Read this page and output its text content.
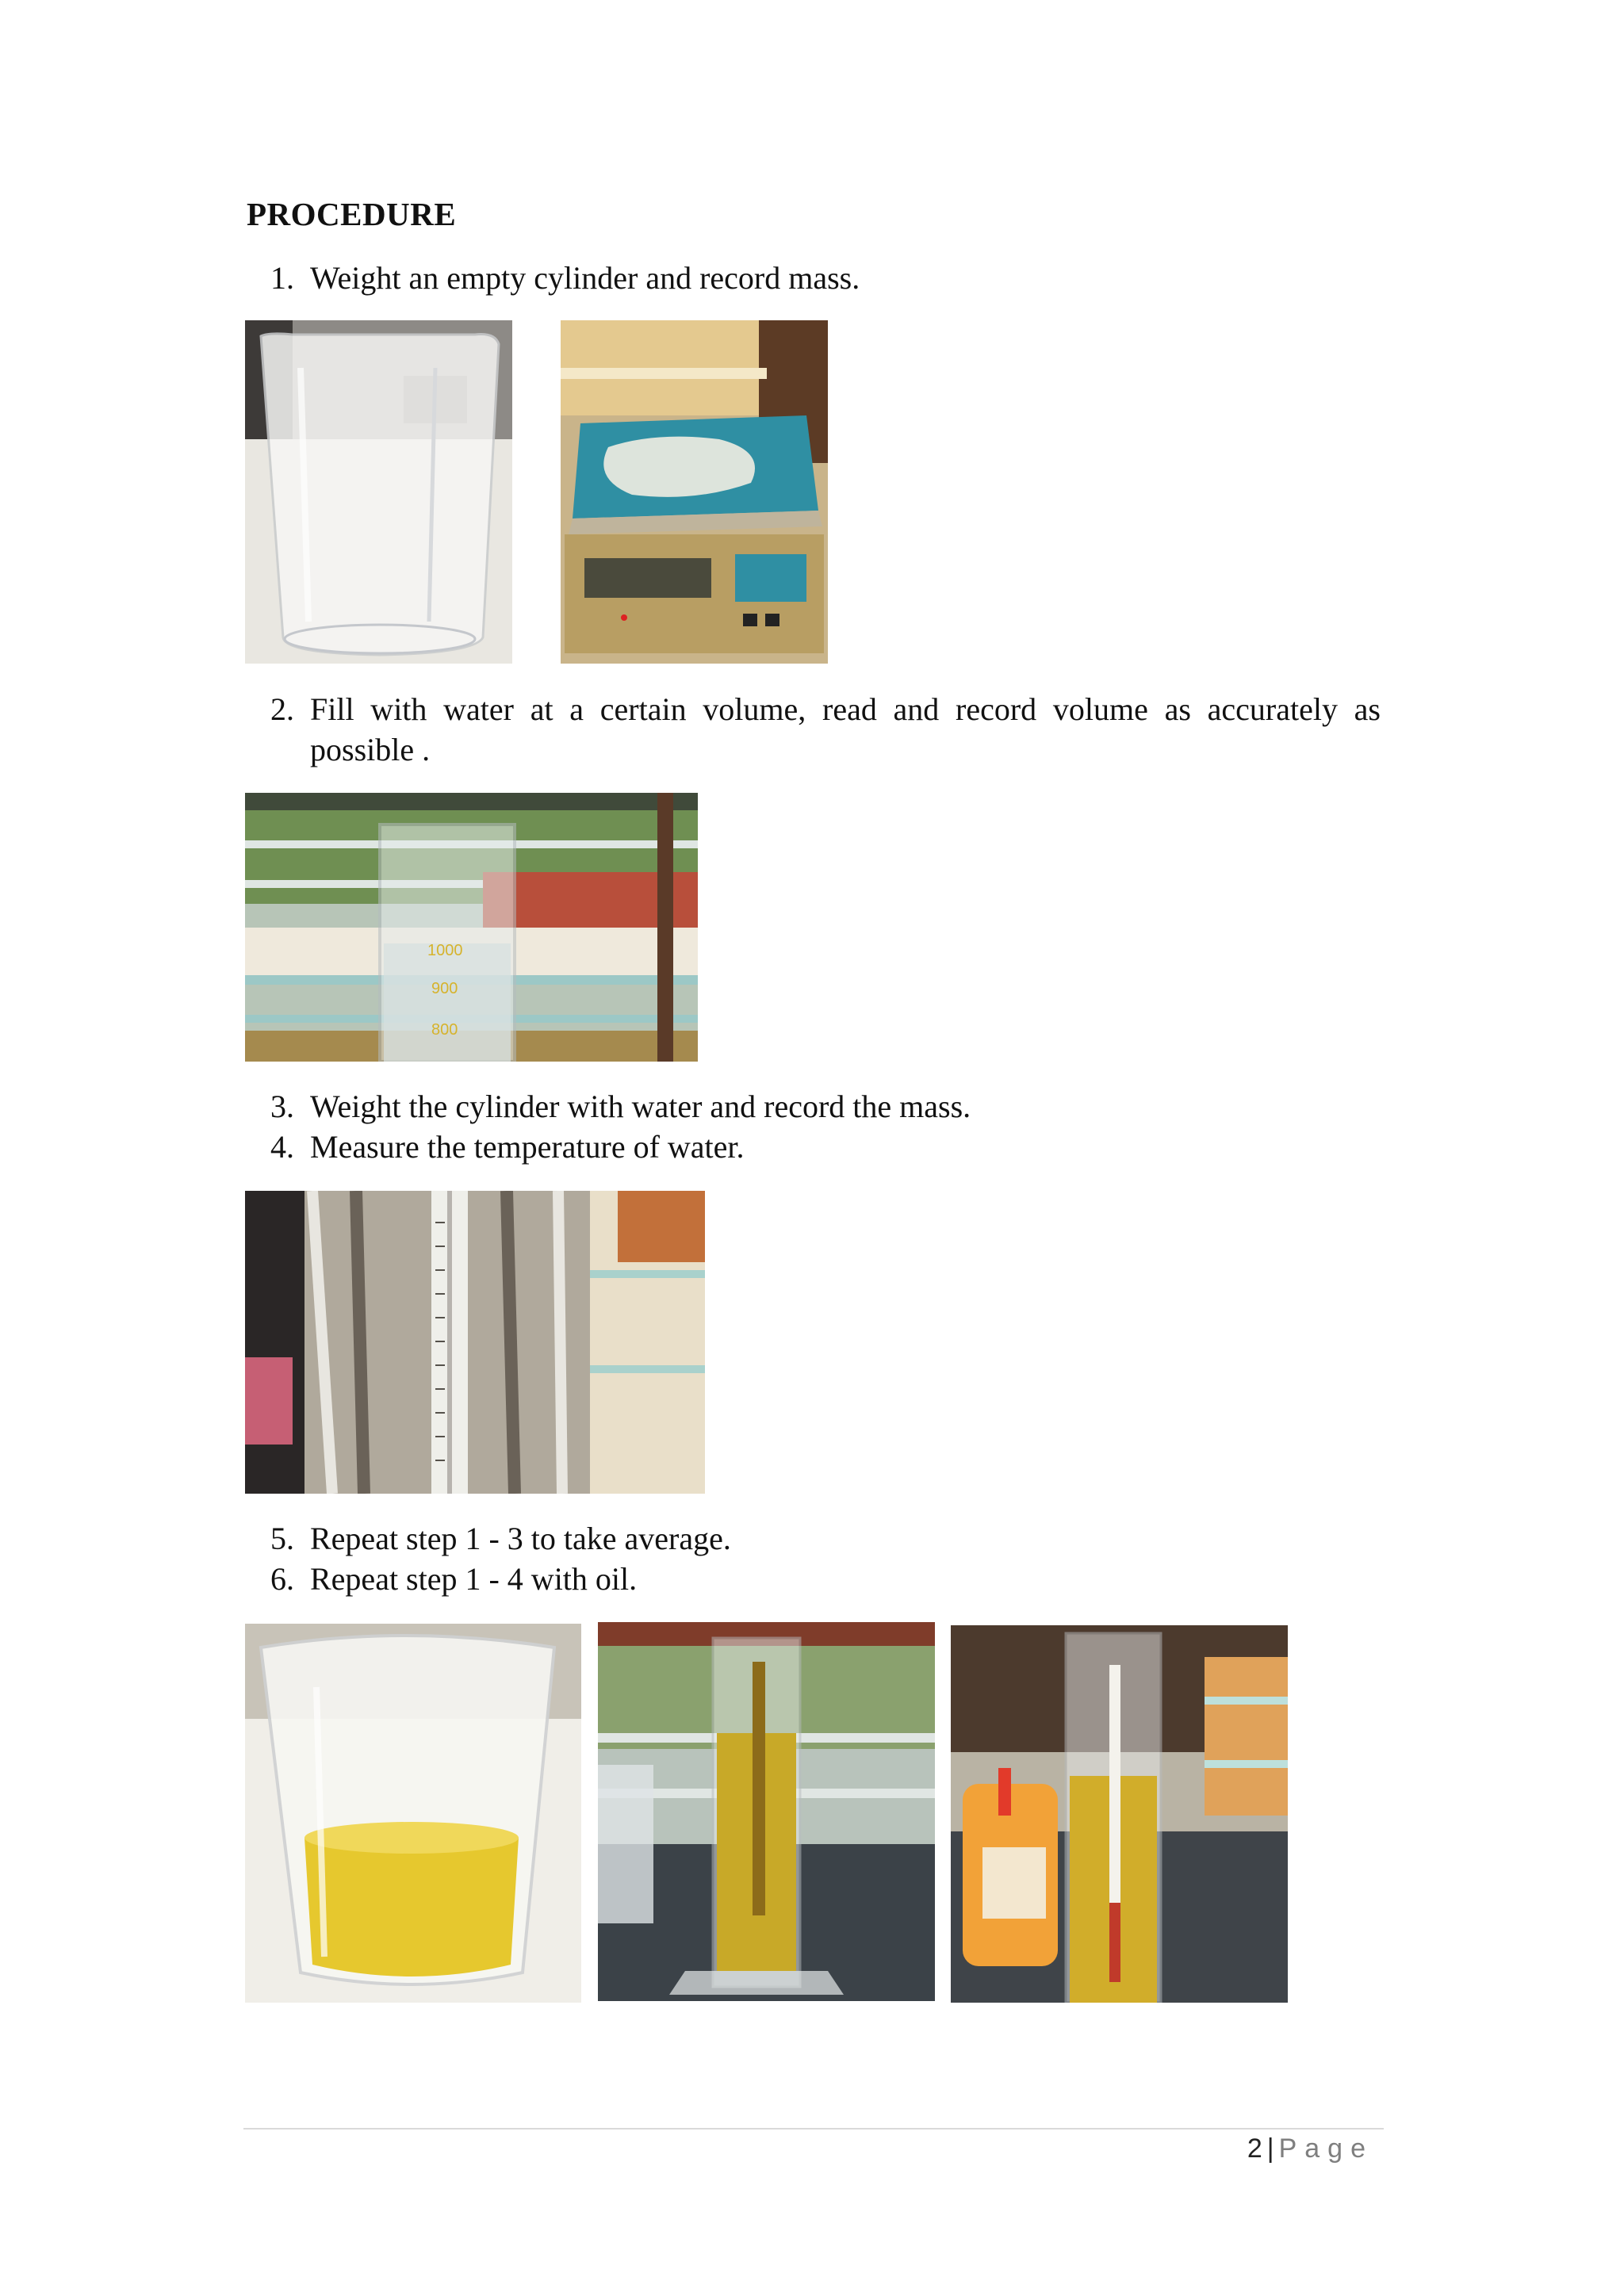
PROCEDURE
1. Weight an empty cylinder and record mass.
2. Fill with water at a certain volume, read and record volume as accurately as
possible .
1000
900
800
3. Weight the cylinder with water and record the mass.
4. Measure the temperature of water.
5. Repeat step 1 - 3 to take average.
6. Repeat step 1 - 4 with oil.
2 | Page
